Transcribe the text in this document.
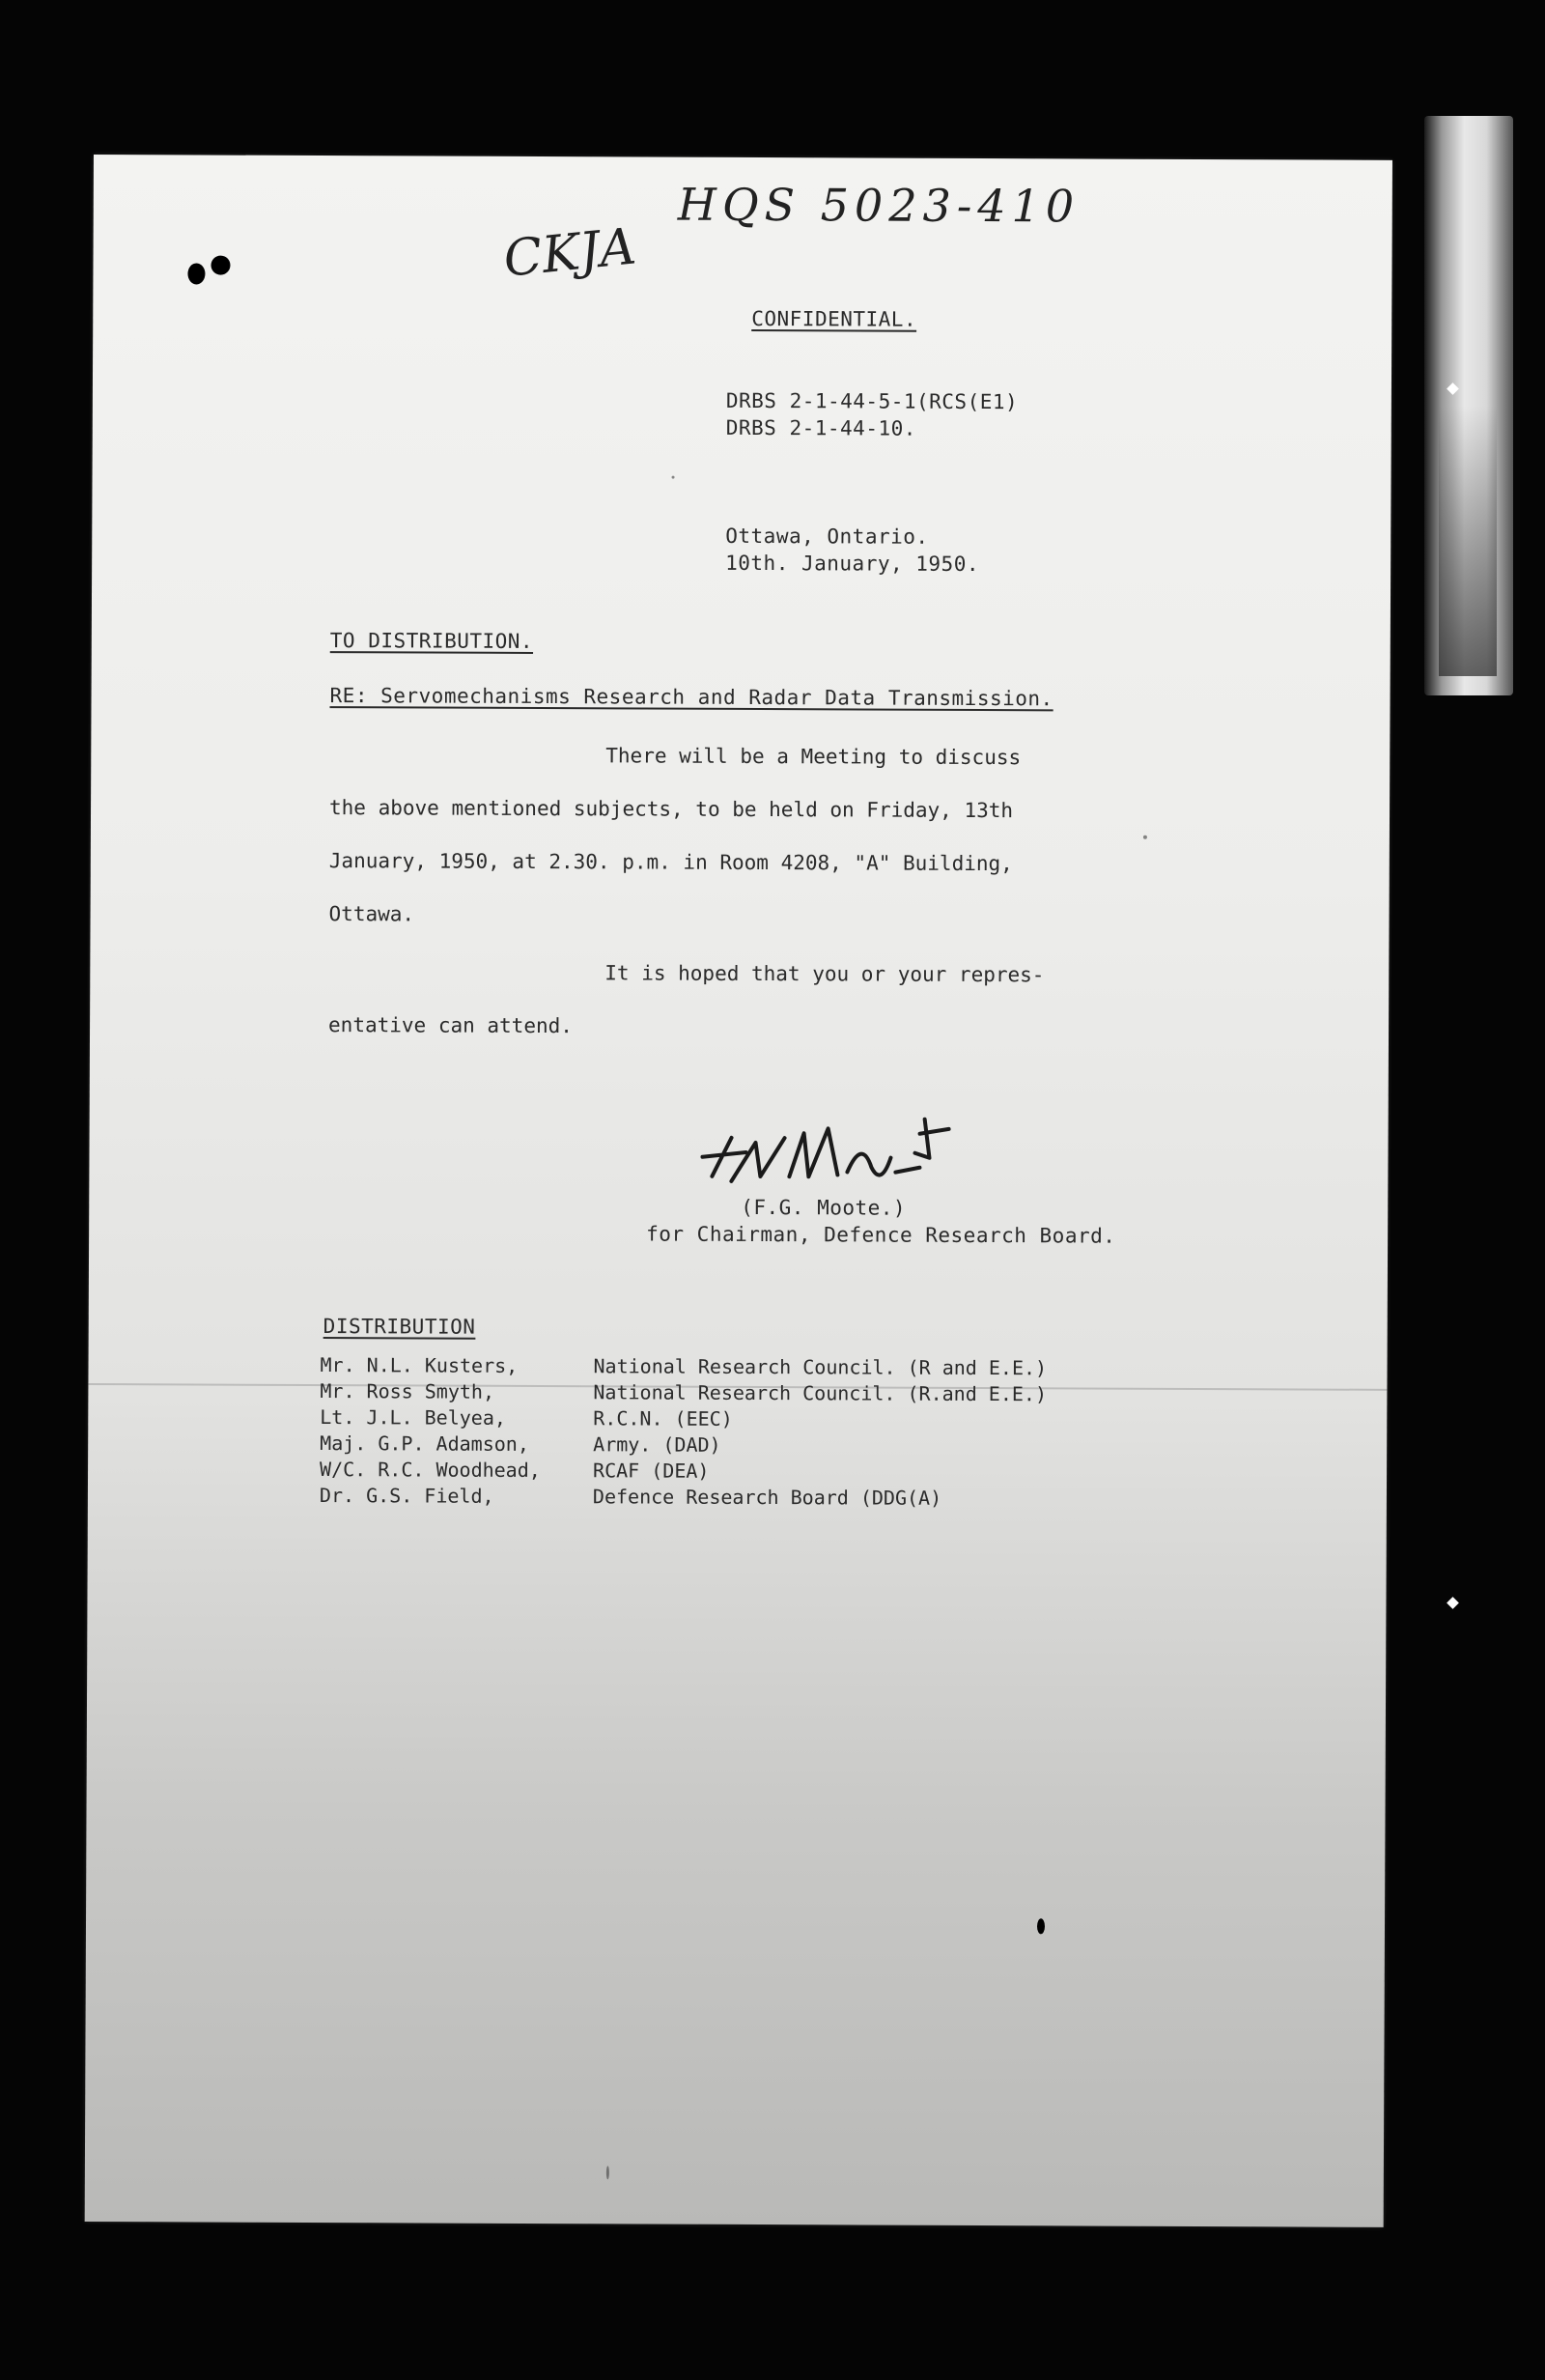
HQS 5023-410
CKJA
CONFIDENTIAL.
DRBS 2-1-44-5-1(RCS(E1)
DRBS 2-1-44-10.
Ottawa, Ontario.
10th. January, 1950.
TO DISTRIBUTION.
RE: Servomechanisms Research and Radar Data Transmission.
There will be a Meeting to discuss
the above mentioned subjects, to be held on Friday, 13th
January, 1950, at 2.30. p.m. in Room 4208, "A" Building,
Ottawa.
It is hoped that you or your repres-
entative can attend.
(F.G. Moote.)
for Chairman, Defence Research Board.
DISTRIBUTION
Mr. N.L. Kusters,	National Research Council. (R and E.E.)
Mr. Ross Smyth,	National Research Council. (R.and E.E.)
Lt. J.L. Belyea,	R.C.N. (EEC)
Maj. G.P. Adamson,	Army. (DAD)
W/C. R.C. Woodhead,	RCAF (DEA)
Dr. G.S. Field,	Defence Research Board (DDG(A)
